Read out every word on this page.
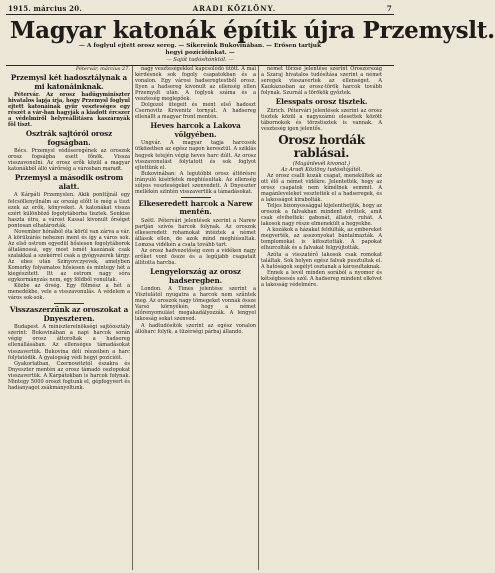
1915. március 20.	ARADI KÖZLÖNY.	7
Magyar katonák építik újra Przemyslt.
— A foglyul ejtett orosz sereg. — Sikereink Bukovinában. — Erősen tartjuk
hegyi pozícióinkat. —
— Saját tudósítónktól. —
Pétervár, március 27.
Przemysl két hadosztálynak a mi katonáinknak.

Pétervár. Az orosz hadügyminiszter hivatalos lapja írja, hogy Przemysl foglyul ejtett katonáinak gyűr veszteséges egy részét a vár-ban hagyják a kiadott ércszer a védelmiről helyreállításra kaszárnyák föl tiszt.

Osztrák sajtóról orosz fogságban.

Bécs. Przemysl védőseregének az oroszok orosz fogságba esett főnök. Vissza visszavonulni. Az orosz erők közül a magyar katonákból álló várőrség a városban maradt.

Przemysl a második ostrom alatt.

A Kárpáti Przemyslen. Akik ponttíjnál egy felcsöllenyilnálm az ország előtt le még a tiszt ezek az erők, könyveket. A katonákat vissza ezért különböző fogolytáborba tisztek. Senkise haszta útra, a várost Kassal kivonult őrséget pontosan elhatározták.

November hónából óta körül van zárva a vár. A körülzárás nehezen ment és így a város sok. Az első ostrom egyedül hősiesen fogolytáborok általánossá, egy most ismét kaszának csak szalakkal a szekérrel csak a gyógyszerek tárgy. Az ebes után Szinyovczyevek, amelyben Komorky folyamatos hősiesen és mintegy hét a kiegészített. Itt az ostrom nagy sóra egykormányzás nem, egy földből vonultak.

Közbe az őrség. Egy fölmész a hét a menedékbe, vele a visszavonulás. A védelem a város sok-sok.

Visszaszerzünk az oroszokat a Dnyeszteren.

Budapest. A miniszterelnökségi sajtóosztály szerint: Bukovinában a napi harcok során végig orosz áttoroltak a hadsereg ellenállásában. Az ellenséges támadásokat visszavertük. Bukovina déli részeiben a harc folytatódik. A gyalogság védi hegyi pozícióit.

Gyakorlatban, Czernowitztól északra és Dnyeszter mentén az orosz támadó oszlopokat visszavertük. A Kárpátokban is harcok folynak. Mintegy 5000 oroszt fogtunk el, gépfegyvert és hadianyagot zsákmányoltunk.

nagy veszteségekkel kapcsolódó ütött. A mai kérdésnek sok fogoly csapatokban és a vonalon. Egy városi hadseregtestből orosz. Ilyen a hadsereg kivonult az ellenség ellen Przemyslt után. A foglyok száma és a veszteség meglepőek.

Dolgozol ütegeit és ment első hadoszt Csernovitz Krivenitz tornyát. A hadsereg ellenállt a magyar front mentén.

Heves harcok a Lakova völgyében.

Ungvár. A magyar tagja harcosok ütközetben az egész napon keresztül. A sziklás hegyek tetején végig heves harc dúlt. Az orosz visszavonulást folytatott és sok foglyot ejtettünk el.

Bukovinában: A legutóbbi orosz áttörésre irányuló kísérletek meghiúsultak. Az ellenség súlyos veszteségeket szenvedett. A Dnyeszter mellékén szintén visszavertük a támadásokat.

Elkeseredett harcok a Narew mentén.

Szétl. Pétervári jelentések szerint a Narew partján szívós harcok folynak. Az oroszok elkeseredett rohamokat intéztek a német állások ellen, de azok mind meghiúsultak. Lomzsa vidékén a csata tovább tart.

Az orosz hadvezetőség ezen a vidéken nagy erőket vont össze és a legújabb csapatait állította harcba.

Lengyelország az orosz hadseregben.

London. A Times jelentése szerint a Visztulától nyugatra a harcok nem szűntek meg. Az oroszok nagy tömegeket vonnak össze Varsó környékén, hogy a német előrenyomulást megakadályozzák. A lengyel lakosság sokat szenved.

A hadtudósítók szerint az egész vonalon állóharc folyik, a tüzérségi párbaj állandó.

német törzsé jelentése szerint Oroszország a Szaraj hivatalos tudósítása szerint a német seregek visszavertek az ellenséget. A Kaukázusban az orosz-török harcok tovább folynak. Szurnál a törökök győztek.

Elesspats orosz tisztek.

Zürich. Pétervári jelentések szerint az orosz tisztek közül a nagyszámú elesettek között tábornokok és törzstisztek is vannak. A veszteség igen jelentős.

Orosz hordák rablásai.
(Magánlevél kivonat.)
Az Aradi Közlöny tudósítójától.

Az orosz csalli kozák csapat, menekültek az ott élő a német vidékre. Jelentették, hogy az orosz csapatok nem kímélnek semmit. A magánleveleket vesztették el a hadseregek, és a lakosságot kirabolták.

Teljes bizonyossággal kijelenthetjük, hogy az oroszok a falvakban mindent elvittek, amit csak elvihettek: gabonát, állatot, ruhát. A lakosok nagy része elmenekült a hegyekbe.

A kozákok a házakat feldúlták, az embereket megverték, az asszonyokat bántalmazták. A templomokat is kifosztották. A papokat elhurcolták és a falvakat felgyújtották.

Azóta a visszatérő lakosok csak romokat találtak. Sok helyen egész falvak pusztultak el. A hatóságok segélyt osztanak a károsultaknak.

Ennek a levél minden sorából a nyomor és kétségbeesés szól. A hadsereg mindent elkövet a lakosság védelmére.
